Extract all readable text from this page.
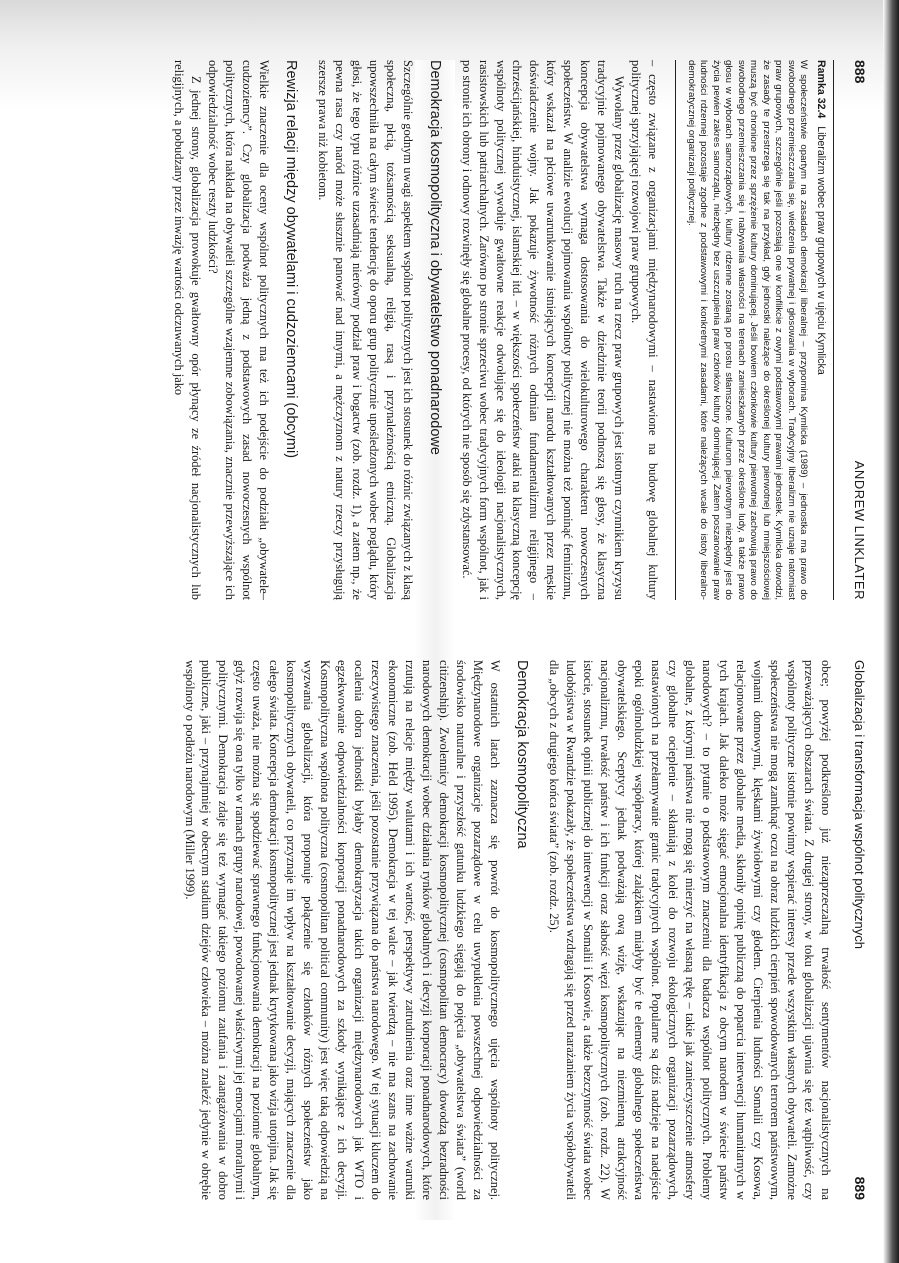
888
ANDREW LINKLATER
Ramka 32.4 Liberalizm wobec praw grupowych w ujęciu Kymlicka
W społeczeństwie opartym na zasadach demokracji liberalnej – przypomina Kymlicka (1989) – jednostka ma prawo do swobodnego przemieszczania się, wiedzenia prywatnej i głosowania w wyborach. Tradycyjny liberalizm nie uznaje natomiast praw grupowych, szczególnie jeśli pozostają one w konflikcie z owymi podstawowymi prawami jednostek. Kymlicka dowodzi, że zasady te przestrzega się tak na przykład, gdy jednostki należące do określonej kultury pierwotnej lub mniejszościowej muszą być chronione przez sprzężenie kultury dominującej. Jeśli bowiem członkowie kultury pierwotnej zachowują prawo do swobodnego przemieszczania się i nabywania własności na terenach zamieszkanych przez określone ludy, a także prawo głosu w wyborach samorządowych, kultury rdzenne zostaną po prostu stłamszone. Kulturom pierwotnym niezbędny jest do życia pewien zakres samorządu, niezbędny bez uszczuplenia praw członków kultury dominującej. Zatem poszanowanie praw ludności rdzennej pozostaje zgodne z podstawowymi i konkretnymi zasadami, które należących wcale do istoty liberalno-demokratycznej organizacji politycznej.

– często związane z organizacjami międzynarodowymi – nastawione na budowę globalnej kultury politycznej sprzyjającej rozwojowi praw grupowych.

Wywołany przez globalizację masowy ruch na rzecz praw grupowych jest istotnym czynnikiem kryzysu tradycyjnie pojmowanego obywatelstwa. Także w dziedzinie teorii podnoszą się głosy, że klasyczna koncepcja obywatelstwa wymaga dostosowania do wielokulturowego charakteru nowoczesnych społeczeństw. W analizie ewolucji pojmowania wspólnoty politycznej nie można też pominąć feminizmu, który wskazał na płciowe uwarunkowanie istniejących koncepcji narodu kształtowanych przez męskie doświadczenie wojny. Jak pokazuje żywotność różnych odmian fundamentalizmu religijnego – chrześcijańskiej, hinduistycznej, islamskiej itd. – w większości społeczeństw ataki na klasyczną koncepcję wspólnoty politycznej wywołuje gwałtowne reakcje odwołujące się do ideologii nacjonalistycznych, rasistowskich lub patriarchalnych. Zarówno po stronie sprzeciwu wobec tradycyjnych form wspólnot, jak i po stronie ich obrony i odnowy rozwinęły się globalne procesy, od których nie sposób się zdystansować.

Demokracja kosmopolityczna i obywatelstwo ponadnarodowe

Szczególnie godnym uwagi aspektem wspólnot politycznych jest ich stosunek do różnic związanych z klasą społeczną, płcią, tożsamością seksualną, religią, rasą i przynależnością etniczną. Globalizacja upowszechniła na całym świecie tendencję do oporu grup politycznie upośledzonych wobec poglądu, który głosi, że tego typu różnice uzasadniają nierówny podział praw i bogactw (zob. rozdz. 1), a zatem np., że pewna rasa czy naród może słusznie panować nad innymi, a mężczyznom z natury rzeczy przysługują szersze prawa niż kobietom.

Rewizja relacji między obywatelami i cudzoziemcami (obcymi)

Wielkie znaczenie dla oceny wspólnot politycznych ma też ich podejście do podziału „obywatele–cudzoziemcy”. Czy globalizacja podważa jedną z podstawowych zasad nowoczesnych wspólnot politycznych, która nakłada na obywateli szczególne wzajemne zobowiązania, znacznie przewyższające ich odpowiedzialność wobec reszty ludzkości?

Z jednej strony, globalizacja prowokuje gwałtowny opór płynący ze źródeł nacjonalistycznych lub religijnych, a pobudzany przez inwazję wartości odczuwanych jako

Globalizacja i transformacja wspólnot politycznych
889

obce; powyżej podkreślono już niezaprzeczalną trwałość sentymentów nacjonalistycznych na przeważających obszarach świata. Z drugiej strony, w toku globalizacji ujawnia się też wątpliwość, czy wspólnoty polityczne istotnie powinny wspierać interesy przede wszystkim własnych obywateli. Zamożne społeczeństwa nie mogą zamknąć oczu na obraz ludzkich cierpień spowodowanych terrorem państwowym, wojnami domowymi, klęskami żywiołowymi czy głodem. Cierpienia ludności Somalii czy Kosowa, relacjonowane przez globalne media, skłoniły opinię publiczną do poparcia interwencji humanitarnych w tych krajach. Jak daleko może sięgać emocjonalna identyfikacja z obcym narodem w świecie państw narodowych? – to pytanie o podstawowym znaczeniu dla badacza wspólnot politycznych. Problemy globalne, z którymi państwa nie mogą się mierzyć na własną rękę – takie jak zanieczyszczenie atmosfery czy globalne ocieplenie – skłaniają z kolei do rozwoju ekologicznych organizacji pozarządowych, nastawionych na przełamywanie granic tradycyjnych wspólnot. Popularne są dziś nadzieje na nadejście epoki ogólnoludzkiej współpracy, której zalążkiem miałyby być te elementy globalnego społeczeństwa obywatelskiego. Sceptycy jednak podważają ową wizję, wskazując na niezmienną atrakcyjność nacjonalizmu, trwałość państw i ich funkcji oraz słabość więzi kosmopolitycznych (zob. rozdz. 22). W istocie, stosunek opinii publicznej do interwencji w Somalii i Kosowie, a także bezczynność świata wobec ludobójstwa w Rwandzie pokazały, że społeczeństwa wzdragają się przed narażaniem życia współobywateli dla „obcych z drugiego końca świata” (zob. rozdz. 25).

Demokracja kosmopolityczna

W ostatnich latach zaznacza się powrót do kosmopolitycznego ujęcia wspólnoty politycznej. Międzynarodowe organizacje pozarządowe w celu uwypuklenia powszechnej odpowiedzialności za środowisko naturalne i przyszłość gatunku ludzkiego sięgają do pojęcia „obywatelstwa świata” (world citizenship). Zwolennicy demokracji kosmopolitycznej (cosmopolitan democracy) dowodzą bezradności narodowych demokracji wobec działania rynków globalnych i decyzji korporacji ponadnarodowych, które rzutują na relacje między walutami i ich wartość, perspektywy zatrudnienia oraz inne ważne warunki ekonomiczne (zob. Held 1995). Demokracja w tej walce – jak twierdzą – nie ma szans na zachowanie rzeczywistego znaczenia, jeśli pozostanie przywiązana do państwa narodowego. W tej sytuacji kluczem do ocalenia dobra jednostki byłaby demokratyzacja takich organizacji międzynarodowych jak WTO i egzekwowanie odpowiedzialności korporacji ponadnarodowych za szkody wynikające z ich decyzji. Kosmopolityczna wspólnota polityczna (cosmopolitan political community) jest więc taką odpowiedzią na wyzwania globalizacji, która proponuje połączenie się członków różnych społeczeństw jako kosmopolitycznych obywateli, co przyznaje im wpływ na kształtowanie decyzji, mających znaczenie dla całego świata. Koncepcja demokracji kosmopolitycznej jest jednak krytykowana jako wizja utopijna. Jak się często uważa, nie można się spodziewać sprawnego funkcjonowania demokracji na poziomie globalnym, gdyż rozwija się ona tylko w ramach grupy narodowej, powodowanej właściwymi jej emocjami moralnymi i politycznymi. Demokracja zdaje się też wymagać takiego poziomu zaufania i zaangażowania w dobro publiczne, jaki – przynajmniej w obecnym stadium dziejów człowieka – można znaleźć jedynie w obrębie wspólnoty o podłożu narodowym (Miller 1999).
